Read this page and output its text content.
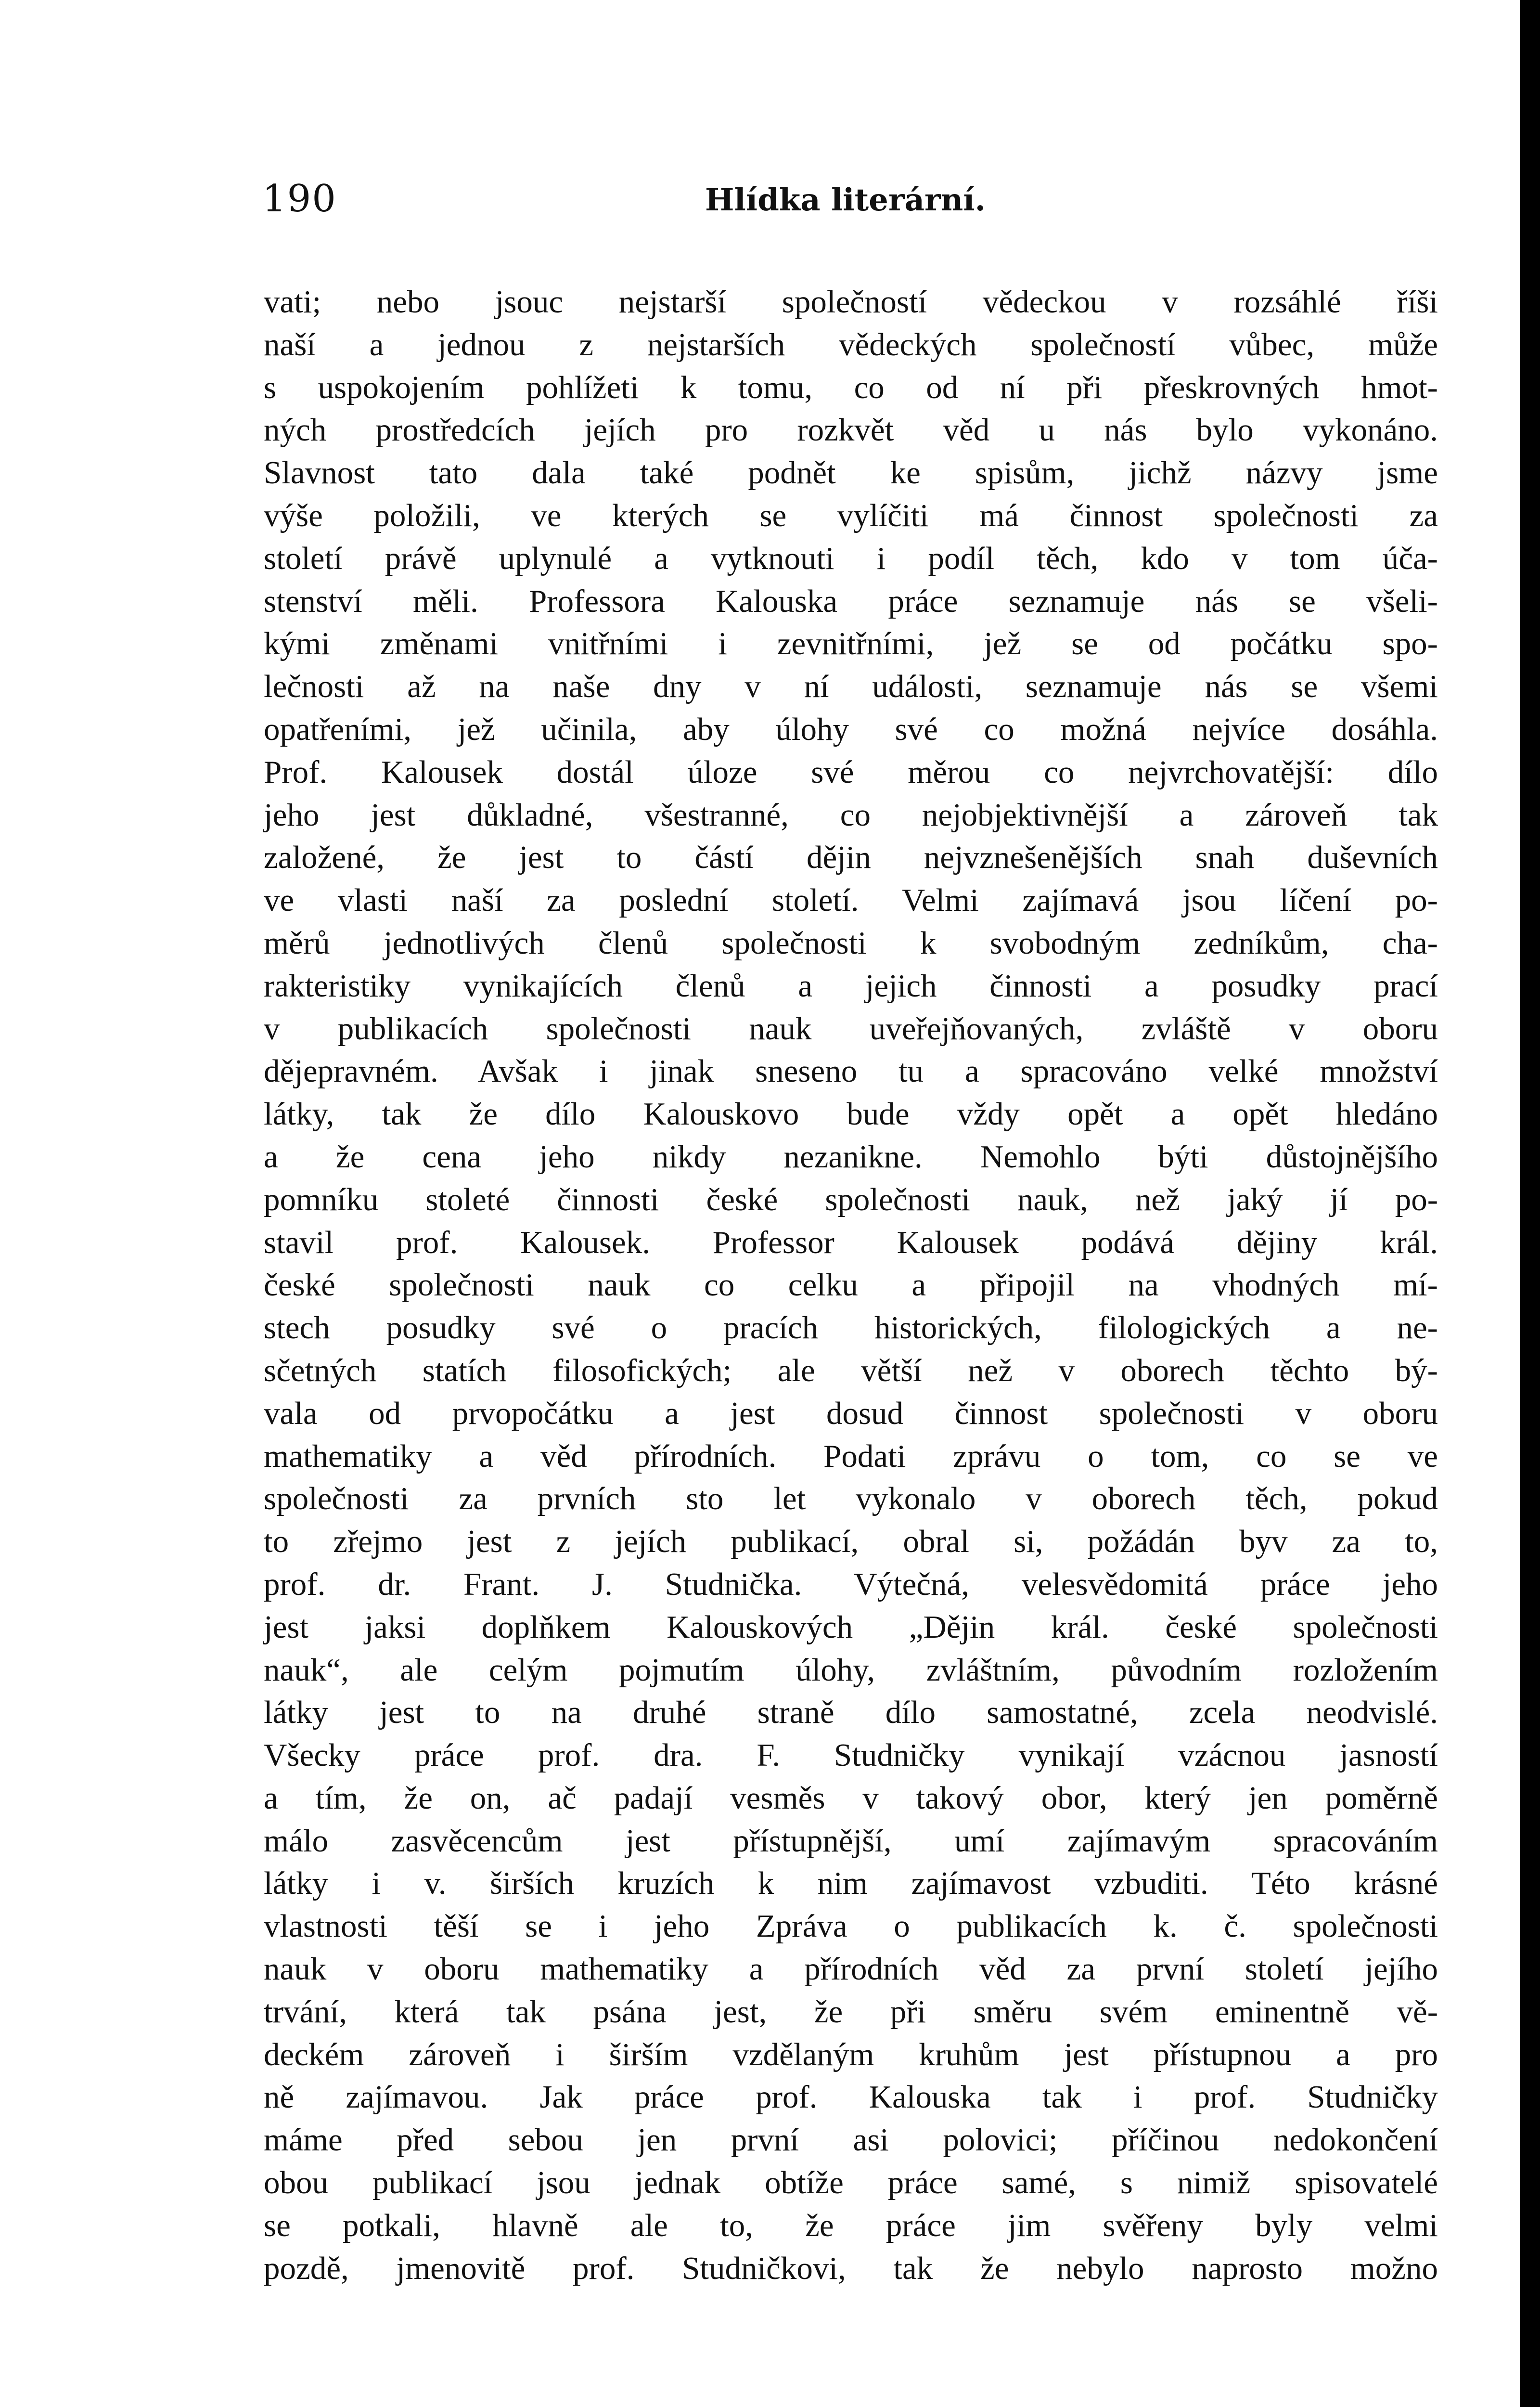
190	Hlídka literární.
vati; nebo jsouc nejstarší společností vědeckou v rozsáhlé říši
naší a jednou z nejstarších vědeckých společností vůbec, může
s uspokojením pohlížeti k tomu, co od ní při přeskrovných hmot-
ných prostředcích jejích pro rozkvět věd u nás bylo vykonáno.
Slavnost tato dala také podnět ke spisům, jichž názvy jsme
výše položili, ve kterých se vylíčiti má činnost společnosti za
století právě uplynulé a vytknouti i podíl těch, kdo v tom úča-
stenství měli. Professora Kalouska práce seznamuje nás se všeli-
kými změnami vnitřními i zevnitřními, jež se od počátku spo-
lečnosti až na naše dny v ní události, seznamuje nás se všemi
opatřeními, jež učinila, aby úlohy své co možná nejvíce dosáhla.
Prof. Kalousek dostál úloze své měrou co nejvrchovatější: dílo
jeho jest důkladné, všestranné, co nejobjektivnější a zároveň tak
založené, že jest to částí dějin nejvznešenějších snah duševních
ve vlasti naší za poslední století. Velmi zajímavá jsou líčení po-
měrů jednotlivých členů společnosti k svobodným zedníkům, cha-
rakteristiky vynikajících členů a jejich činnosti a posudky prací
v publikacích společnosti nauk uveřejňovaných, zvláště v oboru
dějepravném. Avšak i jinak sneseno tu a spracováno velké množství
látky, tak že dílo Kalouskovo bude vždy opět a opět hledáno
a že cena jeho nikdy nezanikne. Nemohlo býti důstojnějšího
pomníku stoleté činnosti české společnosti nauk, než jaký jí po-
stavil prof. Kalousek. Professor Kalousek podává dějiny král.
české společnosti nauk co celku a připojil na vhodných mí-
stech posudky své o pracích historických, filologických a ne-
sčetných statích filosofických; ale větší než v oborech těchto bý-
vala od prvopočátku a jest dosud činnost společnosti v oboru
mathematiky a věd přírodních. Podati zprávu o tom, co se ve
společnosti za prvních sto let vykonalo v oborech těch, pokud
to zřejmo jest z jejích publikací, obral si, požádán byv za to,
prof. dr. Frant. J. Studnička. Výtečná, velesvědomitá práce jeho
jest jaksi doplňkem Kalouskových „Dějin král. české společnosti
nauk“, ale celým pojmutím úlohy, zvláštním, původním rozložením
látky jest to na druhé straně dílo samostatné, zcela neodvislé.
Všecky práce prof. dra. F. Studničky vynikají vzácnou jasností
a tím, že on, ač padají vesměs v takový obor, který jen poměrně
málo zasvěcencům jest přístupnější, umí zajímavým spracováním
látky i v. širších kruzích k nim zajímavost vzbuditi. Této krásné
vlastnosti těší se i jeho Zpráva o publikacích k. č. společnosti
nauk v oboru mathematiky a přírodních věd za první století jejího
trvání, která tak psána jest, že při směru svém eminentně vě-
deckém zároveň i širším vzdělaným kruhům jest přístupnou a pro
ně zajímavou. Jak práce prof. Kalouska tak i prof. Studničky
máme před sebou jen první asi polovici; příčinou nedokončení
obou publikací jsou jednak obtíže práce samé, s nimiž spisovatelé
se potkali, hlavně ale to, že práce jim svěřeny byly velmi
pozdě, jmenovitě prof. Studničkovi, tak že nebylo naprosto možno
